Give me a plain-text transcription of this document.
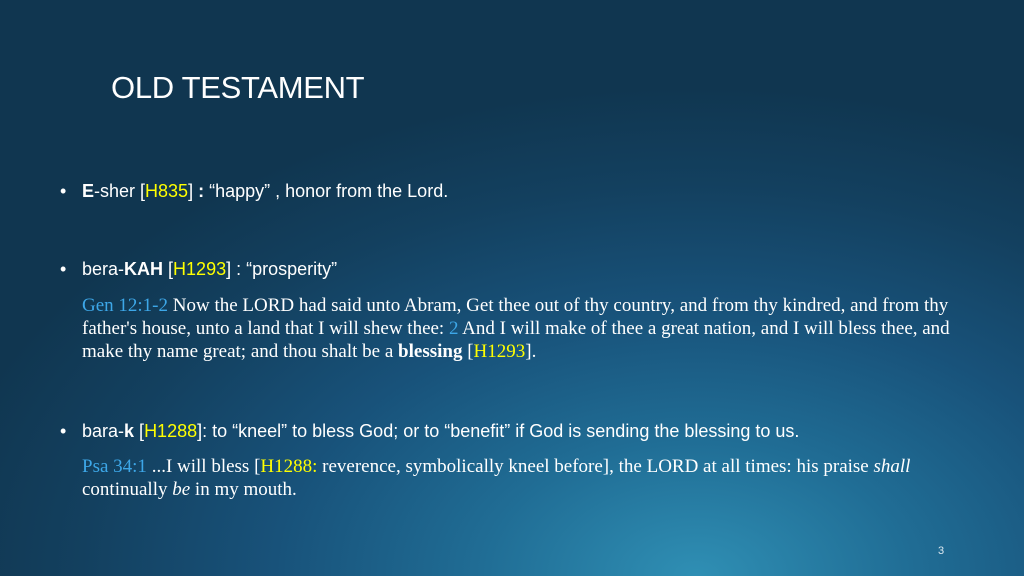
OLD TESTAMENT
• E-sher [H835] : “happy” , honor from the Lord.
• bera-KAH [H1293] : “prosperity”
Gen 12:1-2 Now the LORD had said unto Abram, Get thee out of thy country, and from thy kindred, and from thy father's house, unto a land that I will shew thee: 2 And I will make of thee a great nation, and I will bless thee, and make thy name great; and thou shalt be a blessing [H1293].
• bara-k [H1288]: to “kneel” to bless God; or to “benefit” if God is sending the blessing to us.
Psa 34:1 ...I will bless [H1288: reverence, symbolically kneel before], the LORD at all times: his praise shall continually be in my mouth.
3
